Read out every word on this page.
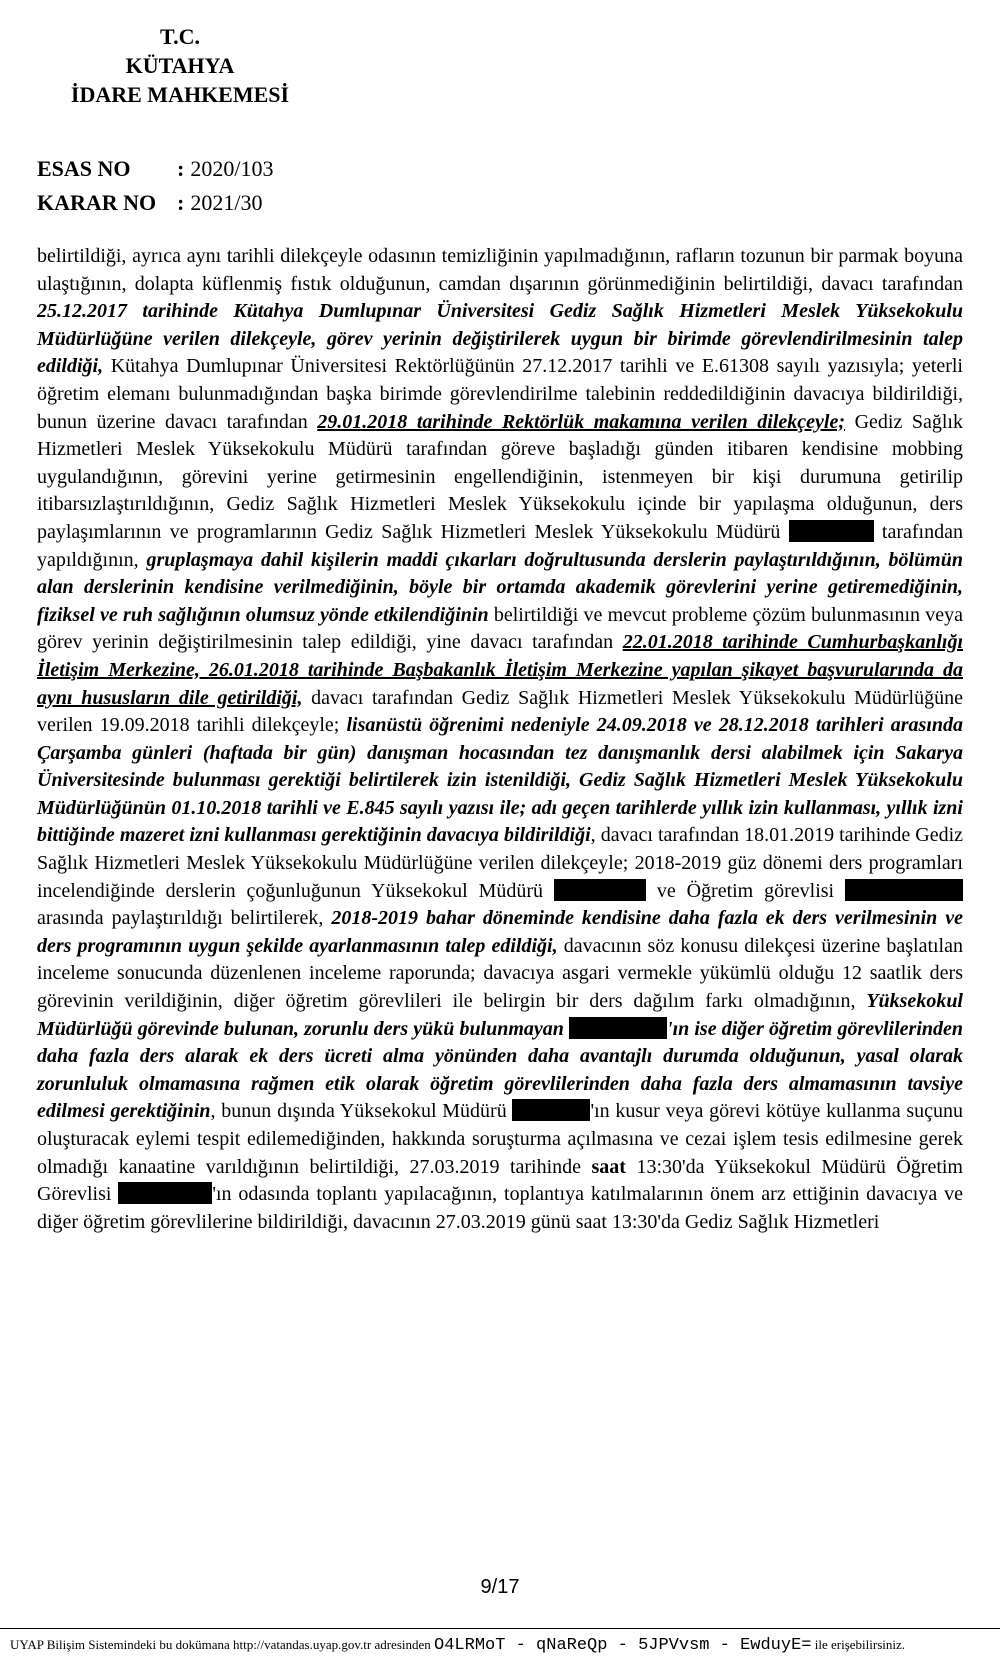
T.C.
KÜTAHYA
İDARE MAHKEMESİ
ESAS NO	: 2020/103
KARAR NO : 2021/30

belirtildiği, ayrıca aynı tarihli dilekçeyle odasının temizliğinin yapılmadığının, rafların tozunun bir parmak boyuna ulaştığının, dolapta küflenmiş fıstık olduğunun, camdan dışarının görünmediğinin belirtildiği, davacı tarafından 25.12.2017 tarihinde Kütahya Dumlupınar Üniversitesi Gediz Sağlık Hizmetleri Meslek Yüksekokulu Müdürlüğüne verilen dilekçeyle, görev yerinin değiştirilerek uygun bir birimde görevlendirilmesinin talep edildiği, Kütahya Dumlupınar Üniversitesi Rektörlüğünün 27.12.2017 tarihli ve E.61308 sayılı yazısıyla; yeterli öğretim elemanı bulunmadığından başka birimde görevlendirilme talebinin reddedildiğinin davacıya bildirildiği, bunun üzerine davacı tarafından 29.01.2018 tarihinde Rektörlük makamına verilen dilekçeyle; Gediz Sağlık Hizmetleri Meslek Yüksekokulu Müdürü tarafından göreve başladığı günden itibaren kendisine mobbing uygulandığının, görevini yerine getirmesinin engellendiğinin, istenmeyen bir kişi durumuna getirilip itibarsızlaştırıldığının, Gediz Sağlık Hizmetleri Meslek Yüksekokulu içinde bir yapılaşma olduğunun, ders paylaşımlarının ve programlarının Gediz Sağlık Hizmetleri Meslek Yüksekokulu Müdürü	tarafından yapıldığının, gruplaşmaya dahil kişilerin maddi çıkarları doğrultusunda derslerin paylaştırıldığının, bölümün alan derslerinin kendisine verilmediğinin, böyle bir ortamda akademik görevlerini yerine getiremediğinin, fiziksel ve ruh sağlığının olumsuz yönde etkilendiğinin belirtildiği ve mevcut probleme çözüm bulunmasının veya görev yerinin değiştirilmesinin talep edildiği, yine davacı tarafından 22.01.2018 tarihinde Cumhurbaşkanlığı İletişim Merkezine, 26.01.2018 tarihinde Başbakanlık İletişim Merkezine yapılan şikayet başvurularında da aynı hususların dile getirildiği, davacı tarafından Gediz Sağlık Hizmetleri Meslek Yüksekokulu Müdürlüğüne verilen 19.09.2018 tarihli dilekçeyle; lisanüstü öğrenimi nedeniyle 24.09.2018 ve 28.12.2018 tarihleri arasında Çarşamba günleri (haftada bir gün) danışman hocasından tez danışmanlık dersi alabilmek için Sakarya Üniversitesinde bulunması gerektiği belirtilerek izin istenildiği, Gediz Sağlık Hizmetleri Meslek Yüksekokulu Müdürlüğünün 01.10.2018 tarihli ve E.845 sayılı yazısı ile; adı geçen tarihlerde yıllık izin kullanması, yıllık izni bittiğinde mazeret izni kullanması gerektiğinin davacıya bildirildiği, davacı tarafından 18.01.2019 tarihinde Gediz Sağlık Hizmetleri Meslek Yüksekokulu Müdürlüğüne verilen dilekçeyle; 2018-2019 güz dönemi ders programları incelendiğinde derslerin çoğunluğunun Yüksekokul Müdürü	ve Öğretim görevlisi  arasında paylaştırıldığı belirtilerek, 2018-2019 bahar döneminde kendisine daha fazla ek ders verilmesinin ve ders programının uygun şekilde ayarlanmasının talep edildiği, davacının söz konusu dilekçesi üzerine başlatılan inceleme sonucunda düzenlenen inceleme raporunda; davacıya asgari vermekle yükümlü olduğu 12 saatlik ders görevinin verildiğinin, diğer öğretim görevlileri ile belirgin bir ders dağılım farkı olmadığının, Yüksekokul Müdürlüğü görevinde bulunan, zorunlu ders yükü bulunmayan	'ın ise diğer öğretim görevlilerinden daha fazla ders alarak ek ders ücreti alma yönünden daha avantajlı durumda olduğunun, yasal olarak zorunluluk olmamasına rağmen etik olarak öğretim görevlilerinden daha fazla ders almamasının tavsiye edilmesi gerektiğinin, bunun dışında Yüksekokul Müdürü	'ın kusur veya görevi kötüye kullanma suçunu oluşturacak eylemi tespit edilemediğinden, hakkında soruşturma açılmasına ve cezai işlem tesis edilmesine gerek olmadığı kanaatine varıldığının belirtildiği, 27.03.2019 tarihinde saat 13:30'da Yüksekokul Müdürü Öğretim Görevlisi	'ın odasında toplantı yapılacağının, toplantıya katılmalarının önem arz ettiğinin davacıya ve diğer öğretim görevlilerine bildirildiği, davacının 27.03.2019 günü saat 13:30'da Gediz Sağlık Hizmetleri

9/17
UYAP Bilişim Sistemindeki bu dokümana http://vatandas.uyap.gov.tr adresinden O4LRMoT - qNaReQp - 5JPVvsm - EwduyE= ile erişebilirsiniz.
